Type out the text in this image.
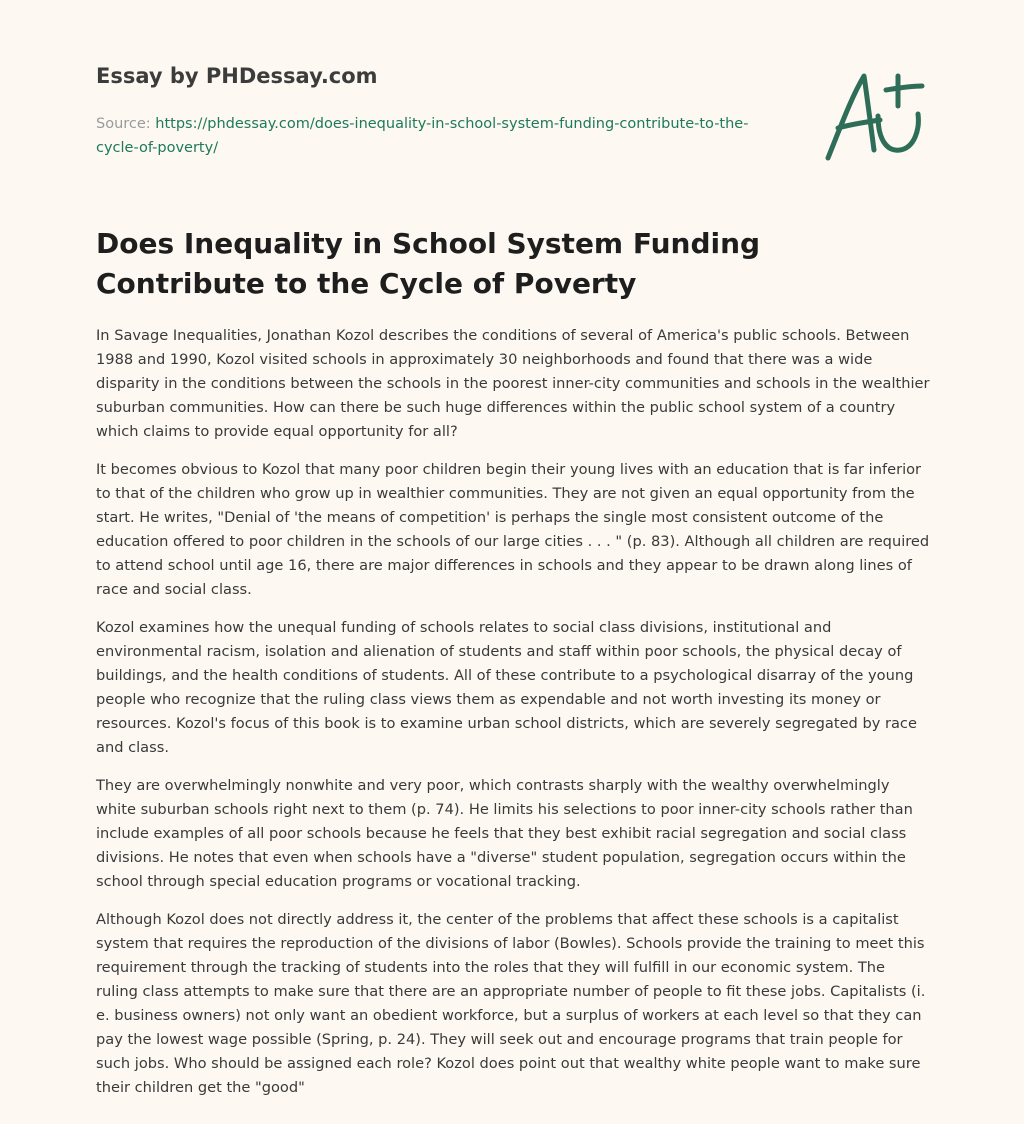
Essay by PHDessay.com

Source: https://phdessay.com/does-inequality-in-school-system-funding-contribute-to-the-cycle-of-poverty/

Does Inequality in School System Funding Contribute to the Cycle of Poverty

In Savage Inequalities, Jonathan Kozol describes the conditions of several of America's public schools. Between 1988 and 1990, Kozol visited schools in approximately 30 neighborhoods and found that there was a wide disparity in the conditions between the schools in the poorest inner-city communities and schools in the wealthier suburban communities. How can there be such huge differences within the public school system of a country which claims to provide equal opportunity for all?

It becomes obvious to Kozol that many poor children begin their young lives with an education that is far inferior to that of the children who grow up in wealthier communities. They are not given an equal opportunity from the start. He writes, "Denial of 'the means of competition' is perhaps the single most consistent outcome of the education offered to poor children in the schools of our large cities . . . " (p. 83). Although all children are required to attend school until age 16, there are major differences in schools and they appear to be drawn along lines of race and social class.

Kozol examines how the unequal funding of schools relates to social class divisions, institutional and environmental racism, isolation and alienation of students and staff within poor schools, the physical decay of buildings, and the health conditions of students. All of these contribute to a psychological disarray of the young people who recognize that the ruling class views them as expendable and not worth investing its money or resources. Kozol's focus of this book is to examine urban school districts, which are severely segregated by race and class.

They are overwhelmingly nonwhite and very poor, which contrasts sharply with the wealthy overwhelmingly white suburban schools right next to them (p. 74). He limits his selections to poor inner-city schools rather than include examples of all poor schools because he feels that they best exhibit racial segregation and social class divisions. He notes that even when schools have a "diverse" student population, segregation occurs within the school through special education programs or vocational tracking.

Although Kozol does not directly address it, the center of the problems that affect these schools is a capitalist system that requires the reproduction of the divisions of labor (Bowles). Schools provide the training to meet this requirement through the tracking of students into the roles that they will fulfill in our economic system. The ruling class attempts to make sure that there are an appropriate number of people to fit these jobs. Capitalists (i. e. business owners) not only want an obedient workforce, but a surplus of workers at each level so that they can pay the lowest wage possible (Spring, p. 24). They will seek out and encourage programs that train people for such jobs. Who should be assigned each role? Kozol does point out that wealthy white people want to make sure their children get the "good"
